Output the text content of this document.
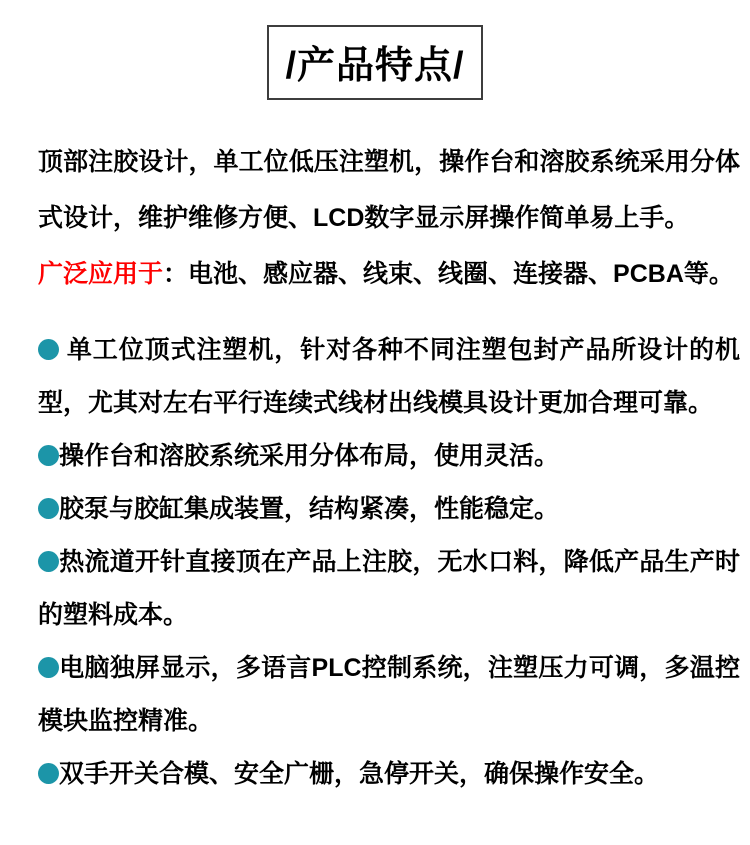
/产品特点/

顶部注胶设计，单工位低压注塑机，操作台和溶胶系统采用分体式设计，维护维修方便、LCD数字显示屏操作简单易上手。

广泛应用于：电池、感应器、线束、线圈、连接器、PCBA等。

单工位顶式注塑机，针对各种不同注塑包封产品所设计的机型，尤其对左右平行连续式线材出线模具设计更加合理可靠。

操作台和溶胶系统采用分体布局，使用灵活。

胶泵与胶缸集成装置，结构紧凑，性能稳定。

热流道开针直接顶在产品上注胶，无水口料，降低产品生产时的塑料成本。

电脑独屏显示，多语言PLC控制系统，注塑压力可调，多温控模块监控精准。

双手开关合模、安全广栅，急停开关，确保操作安全。
